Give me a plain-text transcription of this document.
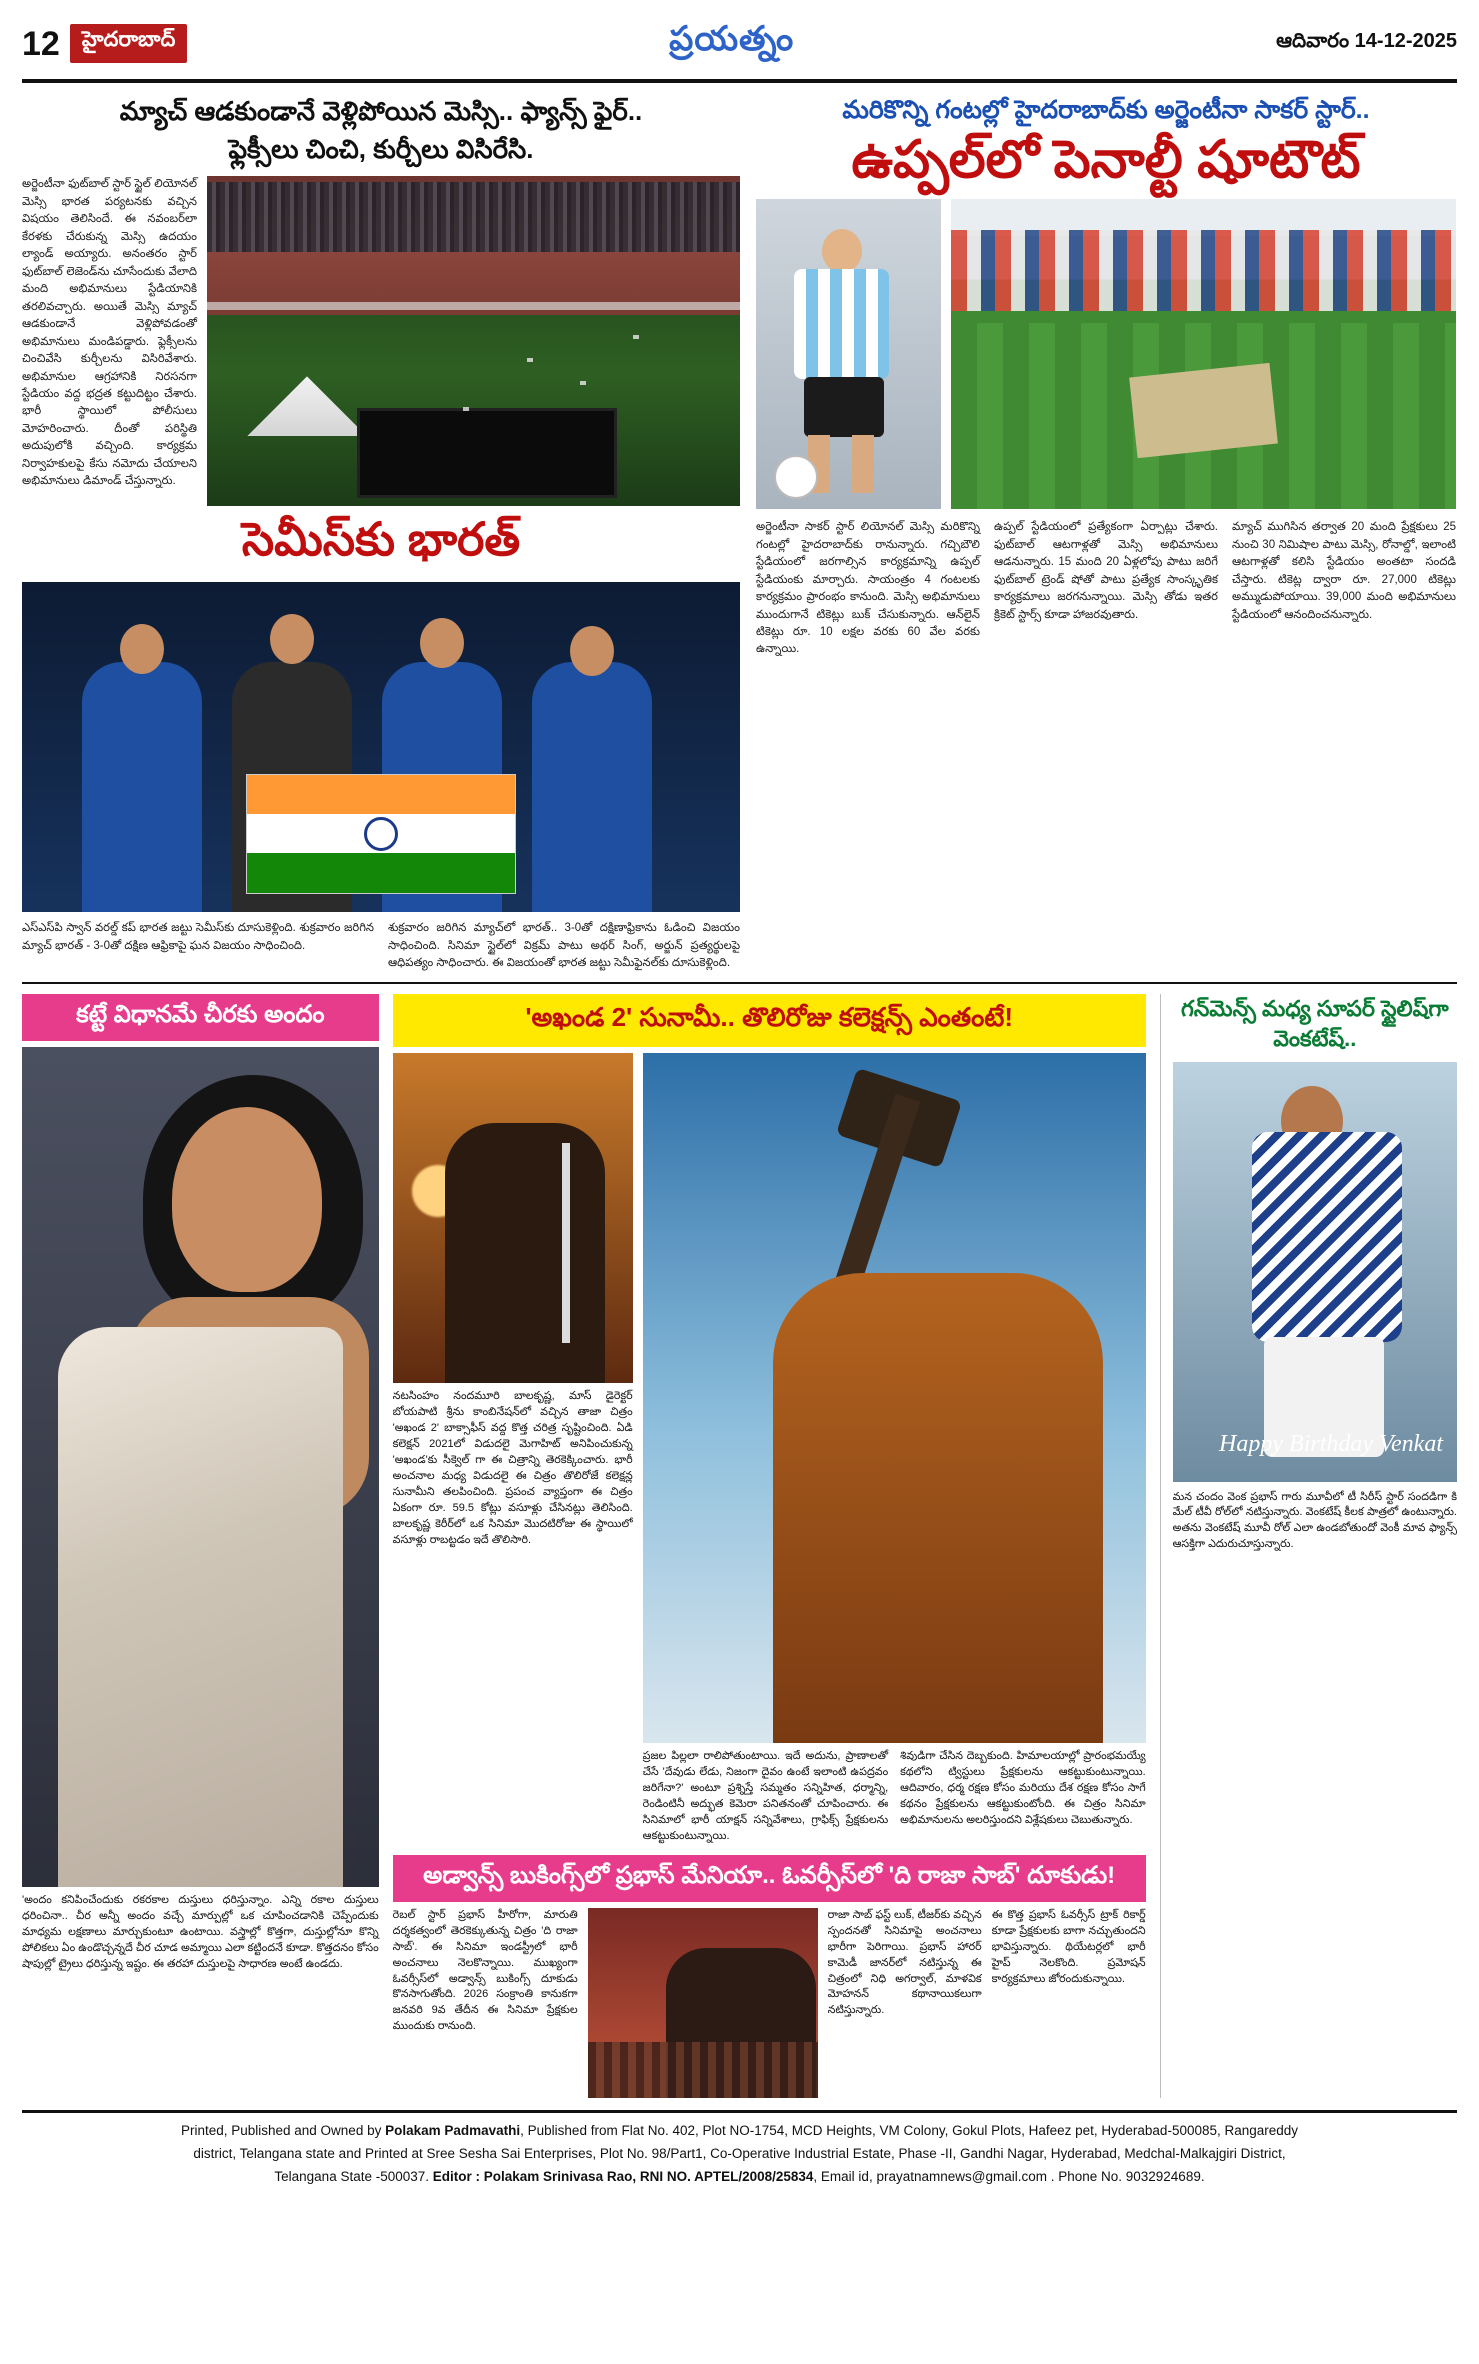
12	హైదరాబాద్	ప్రయత్నం	ఆదివారం 14-12-2025
మ్యాచ్ ఆడకుండానే వెళ్లిపోయిన మెస్సి.. ఫ్యాన్స్ ఫైర్..
ఫ్లెక్సీలు చించి, కుర్చీలు విసిరేసి.
అర్జెంటీనా ఫుట్‌బాల్ స్టార్ స్టైల్ లియోనల్ మెస్సి భారత పర్యటనకు వచ్చిన విషయం తెలిసిందే. ఈ నవంబర్‌లా కేరళకు చేరుకున్న మెస్సి ఉదయం ల్యాండ్ అయ్యారు. అనంతరం స్టార్ ఫుట్‌బాల్ లెజెండ్‌ను చూసేందుకు వేలాది మంది అభిమానులు స్టేడియానికి తరలివచ్చారు. అయితే మెస్సి మ్యాచ్ ఆడకుండానే వెళ్లిపోవడంతో అభిమానులు మండిపడ్డారు. ఫ్లెక్సీలను చించివేసి కుర్చీలను విసిరివేశారు. అభిమానుల ఆగ్రహానికి నిరసనగా స్టేడియం వద్ద భద్రత కట్టుదిట్టం చేశారు. భారీ స్థాయిలో పోలీసులు మోహరించారు. దీంతో పరిస్థితి అదుపులోకి వచ్చింది. కార్యక్రమ నిర్వాహకులపై కేసు నమోదు చేయాలని అభిమానులు డిమాండ్ చేస్తున్నారు.
సెమీస్‌కు భారత్
ఎస్‌ఎస్‌పి స్వాన్ వరల్డ్ కప్ భారత జట్టు సెమీస్‌కు దూసుకెళ్లింది. శుక్రవారం జరిగిన మ్యాచ్ భారత్ - 3-0తో దక్షిణ ఆఫ్రికాపై ఘన విజయం సాధించింది.
శుక్రవారం జరిగిన మ్యాచ్‌లో భారత్.. 3-0తో దక్షిణాఫ్రికాను ఓడించి విజయం సాధించింది. సినిమా స్టైల్‌లో విక్రమ్ పాటు అథర్ సింగ్, అర్జున్ ప్రత్యర్థులపై ఆధిపత్యం సాధించారు. ఈ విజయంతో భారత జట్టు సెమీఫైనల్‌కు దూసుకెళ్లింది.
మరికొన్ని గంటల్లో హైదరాబాద్‌కు అర్జెంటీనా సాకర్ స్టార్..
ఉప్పల్‌లో పెనాల్టీ షూటౌట్
అర్జెంటీనా సాకర్ స్టార్ లియోనల్ మెస్సి మరికొన్ని గంటల్లో హైదరాబాద్‌కు రానున్నారు. గచ్చిబౌలి స్టేడియంలో జరగాల్సిన కార్యక్రమాన్ని ఉప్పల్ స్టేడియంకు మార్చారు. సాయంత్రం 4 గంటలకు కార్యక్రమం ప్రారంభం కానుంది. మెస్సి అభిమానులు ముందుగానే టికెట్లు బుక్ చేసుకున్నారు. ఆన్‌లైన్ టికెట్లు రూ. 10 లక్షల వరకు 60 వేల వరకు ఉన్నాయి.
ఉప్పల్ స్టేడియంలో ప్రత్యేకంగా ఏర్పాట్లు చేశారు. ఫుట్‌బాల్ ఆటగాళ్లతో మెస్సి అభిమానులు ఆడనున్నారు. 15 మంది 20 ఏళ్లలోపు పాటు జరిగే ఫుట్‌బాల్ ట్రెండ్ షోతో పాటు ప్రత్యేక సాంస్కృతిక కార్యక్రమాలు జరగనున్నాయి. మెస్సి తోడు ఇతర క్రికెట్ స్టార్స్ కూడా హాజరవుతారు.
మ్యాచ్ ముగిసిన తర్వాత 20 మంది ప్రేక్షకులు 25 నుంచి 30 నిమిషాల పాటు మెస్సి, రోనాల్డో, ఇలాంటి ఆటగాళ్లతో కలిసి స్టేడియం అంతటా సందడి చేస్తారు. టికెట్ల ద్వారా రూ. 27,000 టికెట్లు అమ్ముడుపోయాయి. 39,000 మంది అభిమానులు స్టేడియంలో ఆనందించనున్నారు.
కట్టే విధానమే చీరకు అందం
'అందం కనిపించేందుకు రకరకాల దుస్తులు ధరిస్తున్నాం. ఎన్ని రకాల దుస్తులు ధరించినా.. చీర అన్నీ అందం వచ్చే మార్పుల్లో ఒక చూపించడానికి చెప్పేందుకు మాధ్యమ లక్షణాలు మార్చుకుంటూ ఉంటాయి. వస్త్రాల్లో కొత్తగా, దుస్తుల్లోనూ కొన్ని పోలికలు ఏం ఉండొచ్చన్నదే చీర చూడ అమ్మాయి ఎలా కట్టిందనే కూడా. కొత్తదనం కోసం షాపుల్లో ట్రైలు ధరిస్తున్న ఇష్టం. ఈ తరహా దుస్తులపై సాధారణ అంటే ఉండదు.
'అఖండ 2' సునామీ.. తొలిరోజు కలెక్షన్స్ ఎంతంటే!
నటసింహం నందమూరి బాలకృష్ణ, మాస్ డైరెక్టర్ బోయపాటి శ్రీను కాంబినేషన్‌లో వచ్చిన తాజా చిత్రం 'అఖండ 2' బాక్సాఫీస్ వద్ద కొత్త చరిత్ర సృష్టించింది. ఏడి కలెక్షన్ 2021లో విడుదలై మెగాహిట్ అనిపించుకున్న 'అఖండ'కు సీక్వెల్ గా ఈ చిత్రాన్ని తెరకెక్కించారు. భారీ అంచనాల మధ్య విడుదలై ఈ చిత్రం తొలిరోజే కలెక్షన్ల సునామీని తలపించింది. ప్రపంచ వ్యాప్తంగా ఈ చిత్రం ఏకంగా రూ. 59.5 కోట్లు వసూళ్లు చేసినట్లు తెలిసింది. బాలకృష్ణ కెరీర్‌లో ఒక సినిమా మొదటిరోజు ఈ స్థాయిలో వసూళ్లు రాబట్టడం ఇదే తొలిసారి.

ప్రజల పిల్లలా రాలిపోతుంటాయి. ఇదే అదును, ప్రాణాలతో చేసే 'దేవుడు లేడు, నిజంగా దైవం ఉంటే ఇలాంటి ఉపద్రవం జరిగేనా?' అంటూ ప్రశ్నిస్తే సమ్మతం సన్నిహిత, ధర్మాన్ని, రెండింటినీ అద్భుత కెమెరా పనితనంతో చూపించారు. ఈ సినిమాలో భారీ యాక్షన్ సన్నివేశాలు, గ్రాఫిక్స్ ప్రేక్షకులను ఆకట్టుకుంటున్నాయి.
శివుడిగా చేసిన దెబ్బకుంది. హిమాలయాల్లో ప్రారంభమయ్యే కథలోని ట్విస్టులు ప్రేక్షకులను ఆకట్టుకుంటున్నాయి. ఆదివారం, ధర్మ రక్షణ కోసం మరియు దేశ రక్షణ కోసం సాగే కథనం ప్రేక్షకులను ఆకట్టుకుంటోంది. ఈ చిత్రం సినిమా అభిమానులను అలరిస్తుందని విశ్లేషకులు చెబుతున్నారు.
అడ్వాన్స్ బుకింగ్స్‌లో ప్రభాస్ మేనియా.. ఓవర్సీస్‌లో 'ది రాజా సాబ్' దూకుడు!
రెబల్ స్టార్ ప్రభాస్ హీరోగా, మారుతి దర్శకత్వంలో తెరకెక్కుతున్న చిత్రం 'ది రాజా సాబ్'. ఈ సినిమా ఇండస్ట్రీలో భారీ అంచనాలు నెలకొన్నాయి. ముఖ్యంగా ఓవర్సీస్‌లో అడ్వాన్స్ బుకింగ్స్ దూకుడు కొనసాగుతోంది. 2026 సంక్రాంతి కానుకగా జనవరి 9వ తేదీన ఈ సినిమా ప్రేక్షకుల ముందుకు రానుంది.
రాజా సాబ్ ఫస్ట్ లుక్, టీజర్‌కు వచ్చిన స్పందనతో సినిమాపై అంచనాలు భారీగా పెరిగాయి. ప్రభాస్ హారర్ కామెడీ జానర్‌లో నటిస్తున్న ఈ చిత్రంలో నిధి అగర్వాల్, మాళవిక మోహనన్ కథానాయికలుగా నటిస్తున్నారు.
ఈ కొత్త ప్రభాస్ ఓవర్సీస్ ట్రాక్ రికార్డ్ కూడా ప్రేక్షకులకు బాగా నచ్చుతుందని భావిస్తున్నారు. థియేటర్లలో భారీ హైప్ నెలకొంది. ప్రమోషన్ కార్యక్రమాలు జోరందుకున్నాయి.
గన్‌మెన్స్ మధ్య సూపర్ స్టైలిష్‌గా వెంకటేష్..
Happy Birthday Venkat
మన చందం వెంక ప్రభాస్ గారు మూవీలో టీ సిరీస్ స్టార్ సందడిగా కి మేల్ టీవీ రోల్‌లో నటిస్తున్నారు. వెంకటేష్ కీలక పాత్రలో ఉంటున్నారు. అతను వెంకటేష్ మూవీ రోల్ ఎలా ఉండబోతుందో వెంకీ మావ ఫ్యాన్స్ ఆసక్తిగా ఎదురుచూస్తున్నారు.

Printed, Published and Owned by Polakam Padmavathi, Published from Flat No. 402, Plot NO-1754, MCD Heights, VM Colony, Gokul Plots, Hafeez pet, Hyderabad-500085, Rangareddy

district, Telangana state and Printed at Sree Sesha Sai Enterprises, Plot No. 98/Part1, Co-Operative Industrial Estate, Phase -II, Gandhi Nagar, Hyderabad, Medchal-Malkajgiri District,

Telangana State -500037. Editor : Polakam Srinivasa Rao, RNI NO. APTEL/2008/25834, Email id, prayatnamnews@gmail.com . Phone No. 9032924689.
